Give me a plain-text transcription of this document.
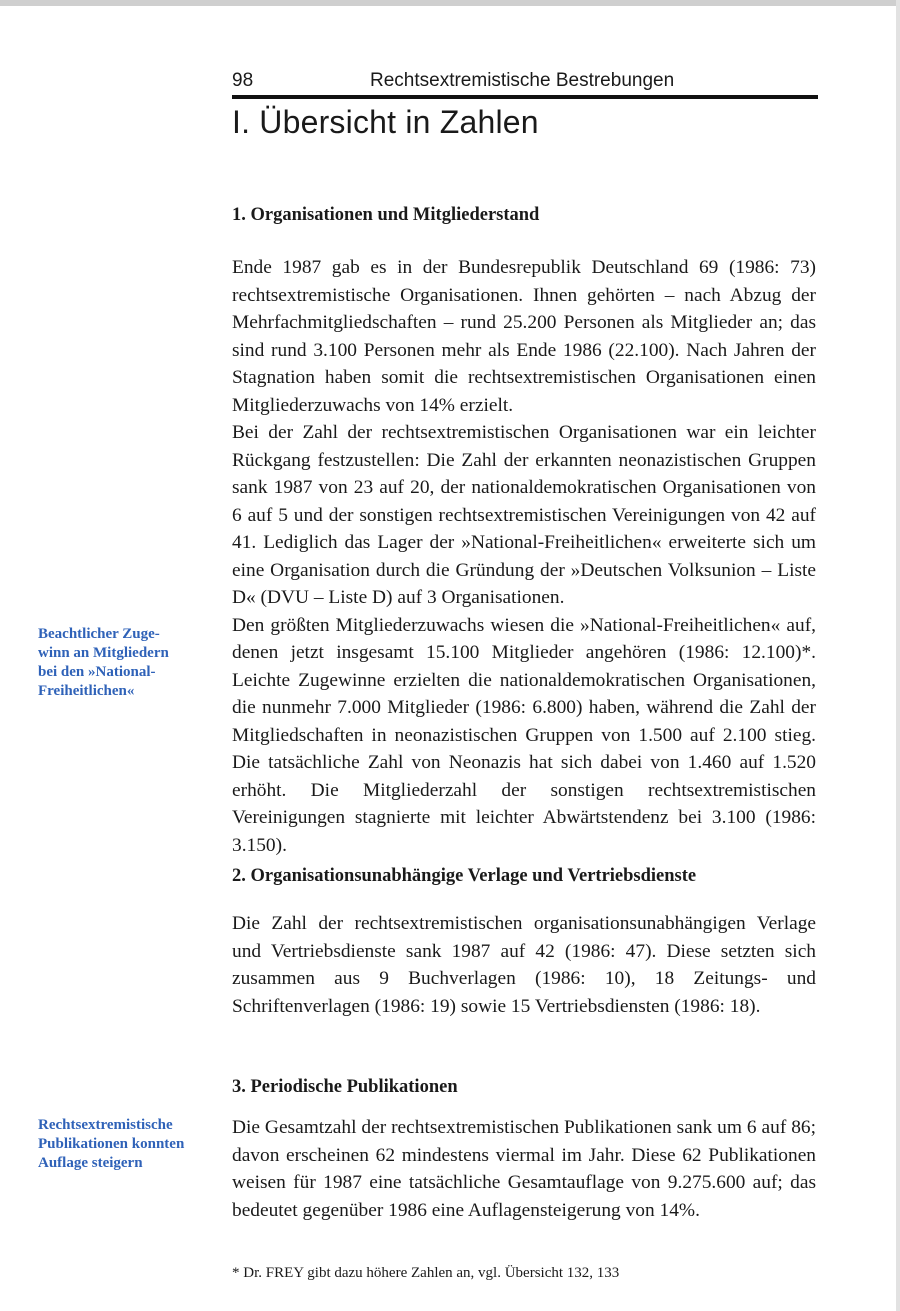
98	Rechtsextremistische Bestrebungen
I. Übersicht in Zahlen
1. Organisationen und Mitgliederstand

Ende 1987 gab es in der Bundesrepublik Deutschland 69 (1986: 73) rechtsextremistische Organisationen. Ihnen gehörten – nach Abzug der Mehrfachmitgliedschaften – rund 25.200 Personen als Mitglieder an; das sind rund 3.100 Personen mehr als Ende 1986 (22.100). Nach Jahren der Stagnation haben somit die rechtsextremistischen Organisationen einen Mitgliederzuwachs von 14% erzielt.

Bei der Zahl der rechtsextremistischen Organisationen war ein leichter Rückgang festzustellen: Die Zahl der erkannten neonazistischen Gruppen sank 1987 von 23 auf 20, der nationaldemokratischen Organisationen von 6 auf 5 und der sonstigen rechtsextremistischen Vereinigungen von 42 auf 41. Lediglich das Lager der »National-Freiheitlichen« erweiterte sich um eine Organisation durch die Gründung der »Deutschen Volksunion – Liste D« (DVU – Liste D) auf 3 Organisationen.

Den größten Mitgliederzuwachs wiesen die »National-Freiheitlichen« auf, denen jetzt insgesamt 15.100 Mitglieder angehören (1986: 12.100)*. Leichte Zugewinne erzielten die nationaldemokratischen Organisationen, die nunmehr 7.000 Mitglieder (1986: 6.800) haben, während die Zahl der Mitgliedschaften in neonazistischen Gruppen von 1.500 auf 2.100 stieg. Die tatsächliche Zahl von Neonazis hat sich dabei von 1.460 auf 1.520 erhöht. Die Mitgliederzahl der sonstigen rechtsextremistischen Vereinigungen stagnierte mit leichter Abwärtstendenz bei 3.100 (1986: 3.150).

2. Organisationsunabhängige Verlage und Vertriebsdienste

Die Zahl der rechtsextremistischen organisationsunabhängigen Verlage und Vertriebsdienste sank 1987 auf 42 (1986: 47). Diese setzten sich zusammen aus 9 Buchverlagen (1986: 10), 18 Zeitungs- und Schriftenverlagen (1986: 19) sowie 15 Vertriebsdiensten (1986: 18).

3. Periodische Publikationen

Die Gesamtzahl der rechtsextremistischen Publikationen sank um 6 auf 86; davon erscheinen 62 mindestens viermal im Jahr. Diese 62 Publikationen weisen für 1987 eine tatsächliche Gesamtauflage von 9.275.600 auf; das bedeutet gegenüber 1986 eine Auflagensteigerung von 14%.

Beachtlicher Zugewinn an Mitgliedern bei den »National-Freiheitlichen«
Rechtsextremistische Publikationen konnten Auflage steigern
* Dr. FREY gibt dazu höhere Zahlen an, vgl. Übersicht 132, 133
